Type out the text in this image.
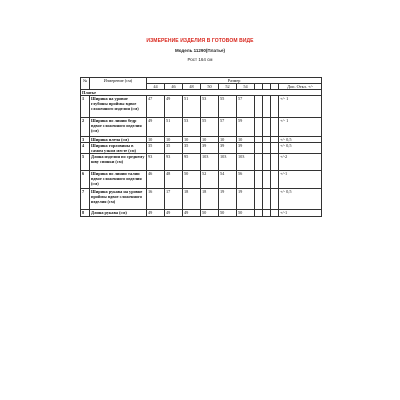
ИЗМЕРЕНИЕ ИЗДЕЛИЯ В ГОТОВОМ ВИДЕ
Модель 11290(Платье)
Рост 164 см
№	Измерение (см)	Размер									
		44	46	48	50	52	54				Доп. Откл. +/-
Платье											
1	Ширина на уровне глубины проймы вдвое сложенного изделия (см)	47	49	51	53	55	57				+/- 1
2	Ширина по линии бедр вдвое сложенного изделия (см)	49	51	53	55	57	59				+/- 1
3	Ширина плеча (см)	10	10	10	10	10	10				+/- 0,5
4	Ширина горловины в самом узком месте (см)	35	35	35	39	39	39				+/- 0,5
5	Длина изделия по среднему шву спинки (см)	93	93	95	103	103	103				+/-2
6	Ширина по линии талии вдвое сложенного изделия (см)	46	48	50	52	54	56				+/-1
7	Ширина рукава на уровне проймы вдвое сложенного изделия (см)	16	17	18	18	19	19				+/- 0,5
8	Длина рукава (см)	49	49	49	50	50	50				+/-1
